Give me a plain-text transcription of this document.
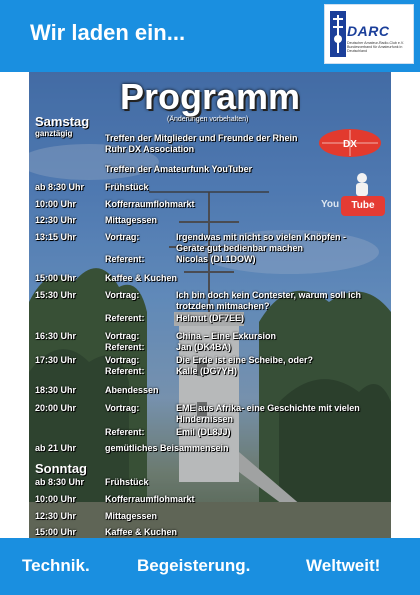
Wir laden ein...	DARC
Deutscher Amateur-Radio-Club e.V. Bundesverband für Amateurfunk in Deutschland
Programm
(Änderungen vorbehalten)
DX
You	Tube
Samstag
ganztägig	Treffen der Mitglieder und Freunde der Rhein Ruhr DX Association
Treffen der Amateurfunk YouTuber
ab 8:30 Uhr Frühstück
10:00 Uhr	Kofferraumflohmarkt
12:30 Uhr	Mittagessen
13:15 Uhr	Vortrag:	Irgendwas mit nicht so vielen Knöpfen - Geräte gut bedienbar machen
Referent:	Nicolas (DL1DOW)
15:00 Uhr	Kaffee & Kuchen
15:30 Uhr	Vortrag:	Ich bin doch kein Contester, warum soll ich trotzdem mitmachen?
Referent:	Helmut (DF7EE)
16:30 Uhr	Vortrag:	China – Eine Exkursion
Referent:	Jan (DK4BA)
17:30 Uhr	Vortrag:	Die Erde ist eine Scheibe, oder?
Referent:	Kalle (DG7YH)
18:30 Uhr	Abendessen
20:00 Uhr	Vortrag:	EME aus Afrika- eine Geschichte mit vielen Hindernissen
Referent:	Emil (DL8JJ)
ab 21 Uhr	gemütliches Beisammensein
Sonntag
ab 8:30 Uhr Frühstück
10:00 Uhr	Kofferraumflohmarkt
12:30 Uhr	Mittagessen
15:00 Uhr	Kaffee & Kuchen
Technik.	Begeisterung.	Weltweit!
